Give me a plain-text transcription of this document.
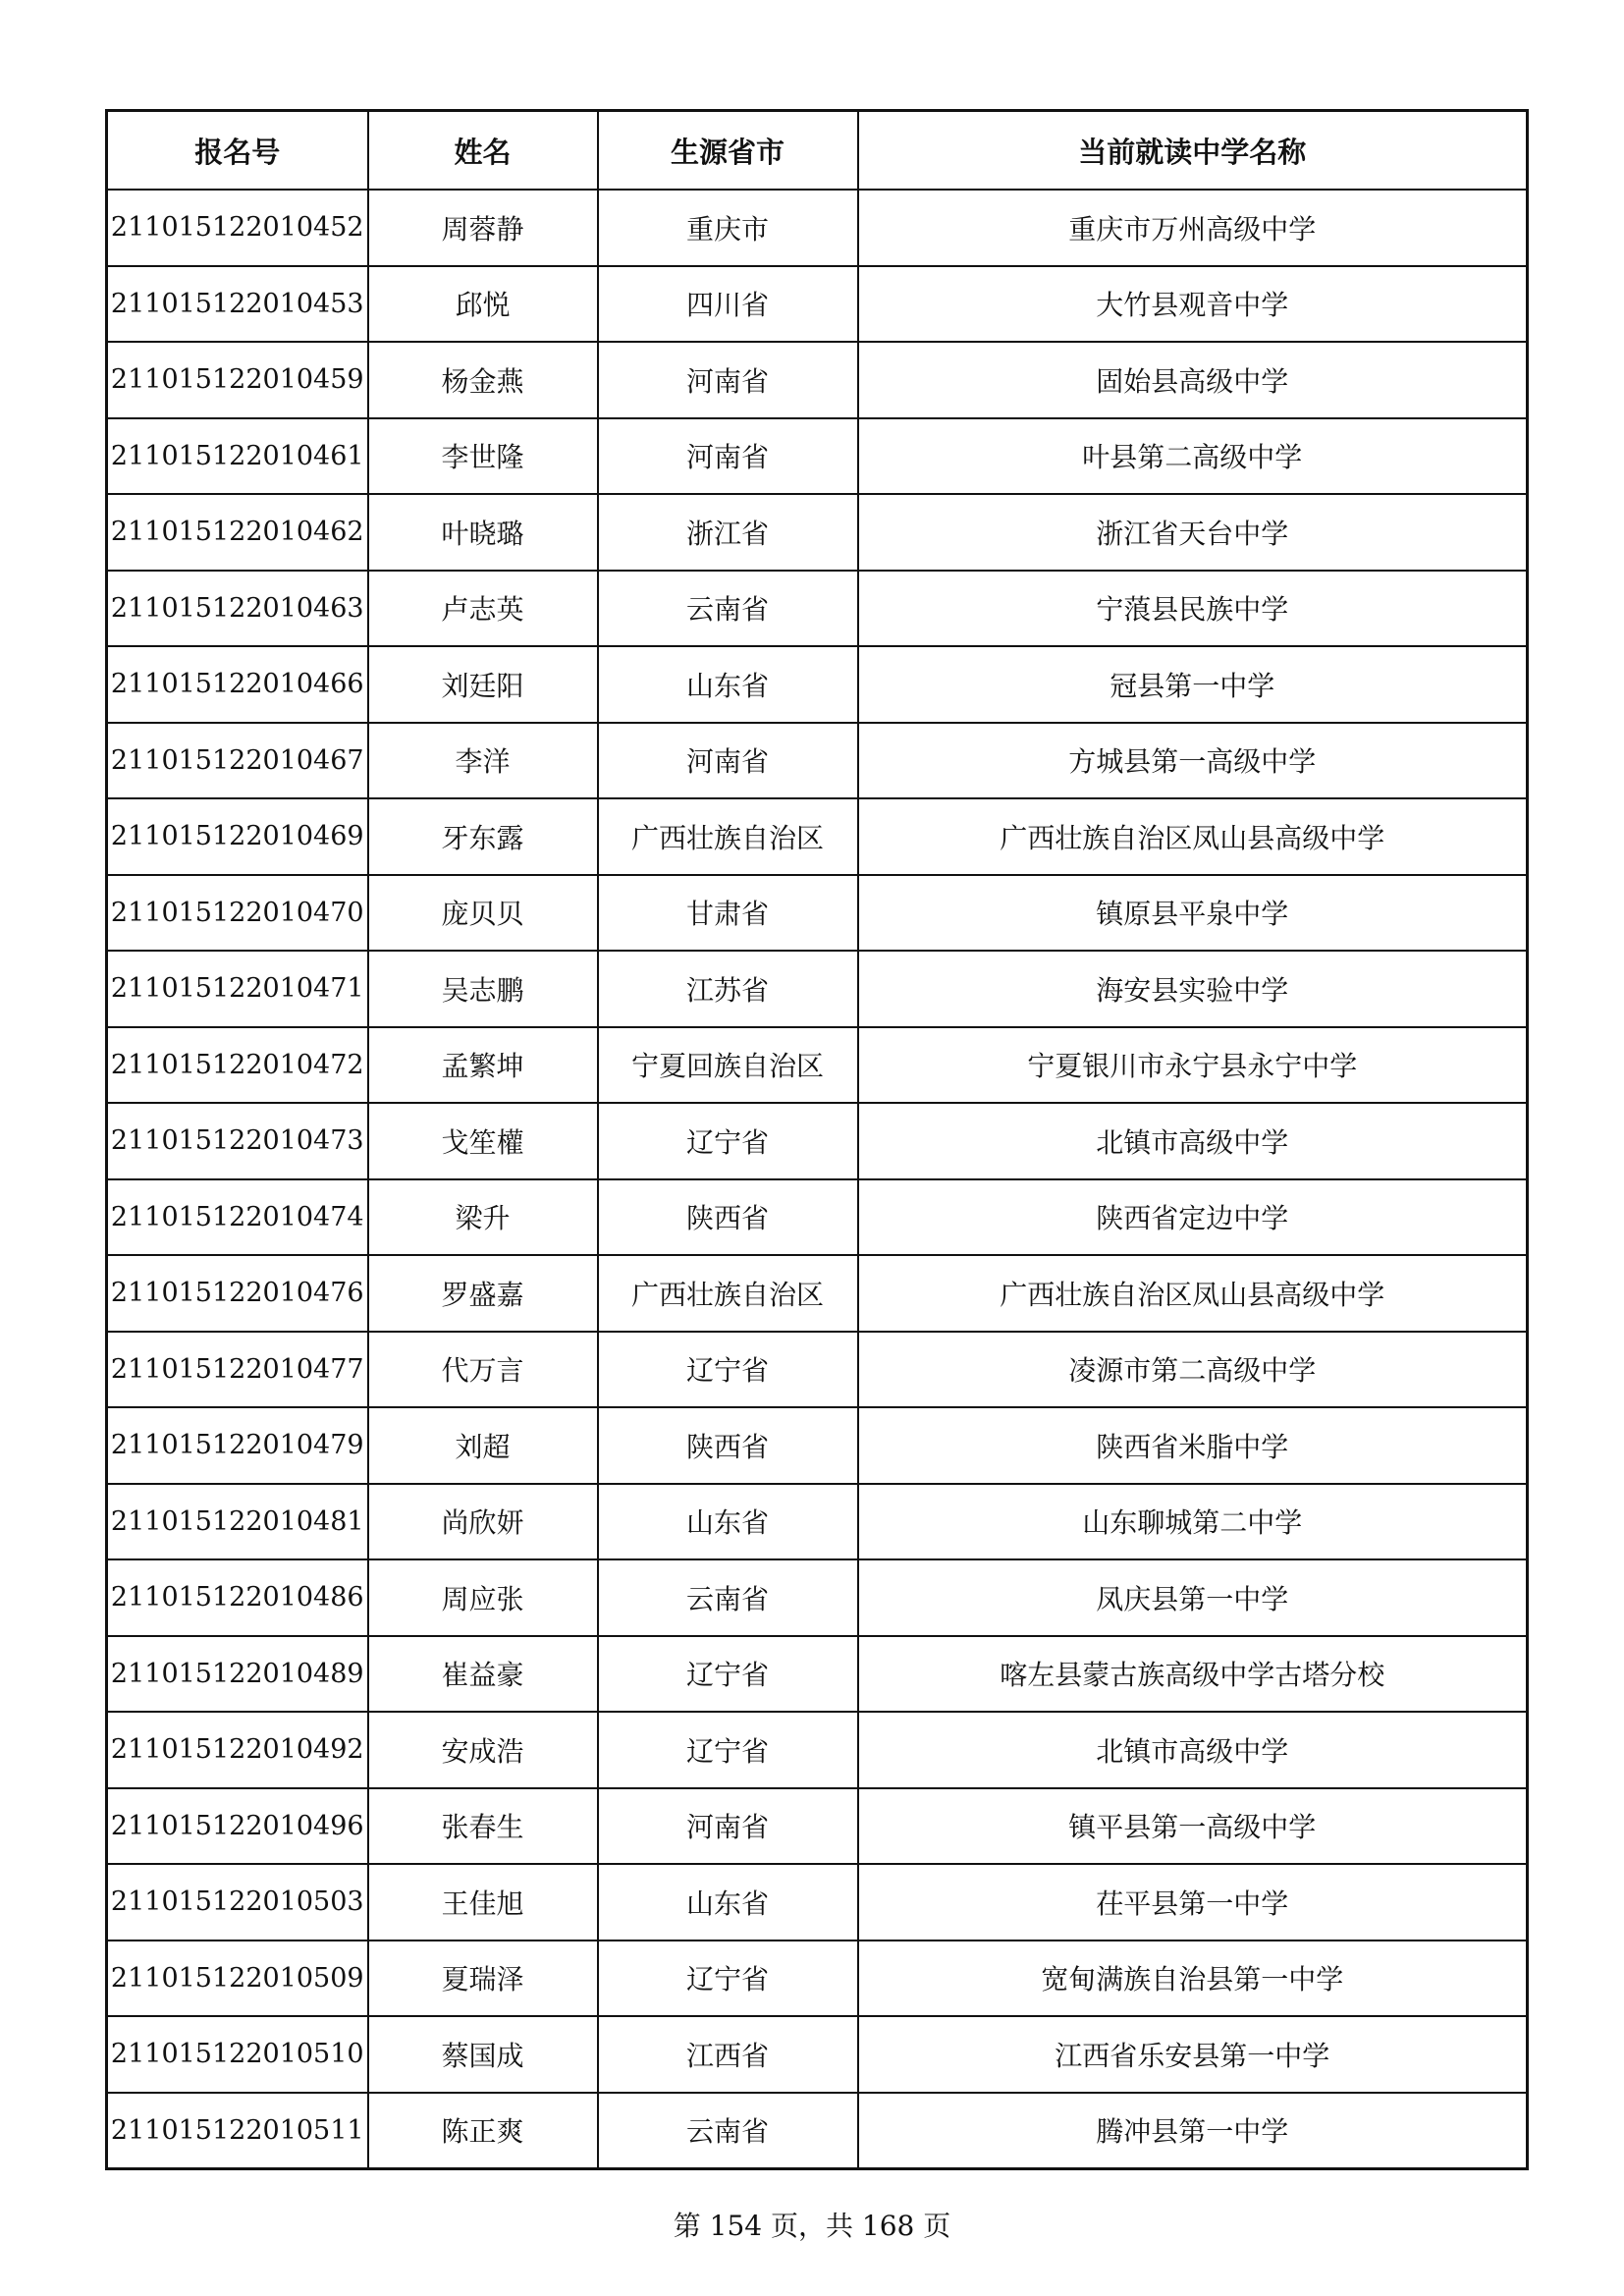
报名号	姓名	生源省市	当前就读中学名称
211015122010452	周蓉静	重庆市	重庆市万州高级中学
211015122010453	邱悦	四川省	大竹县观音中学
211015122010459	杨金燕	河南省	固始县高级中学
211015122010461	李世隆	河南省	叶县第二高级中学
211015122010462	叶晓璐	浙江省	浙江省天台中学
211015122010463	卢志英	云南省	宁蒗县民族中学
211015122010466	刘廷阳	山东省	冠县第一中学
211015122010467	李洋	河南省	方城县第一高级中学
211015122010469	牙东露	广西壮族自治区	广西壮族自治区凤山县高级中学
211015122010470	庞贝贝	甘肃省	镇原县平泉中学
211015122010471	吴志鹏	江苏省	海安县实验中学
211015122010472	孟繁坤	宁夏回族自治区	宁夏银川市永宁县永宁中学
211015122010473	戈笙權	辽宁省	北镇市高级中学
211015122010474	梁升	陕西省	陕西省定边中学
211015122010476	罗盛嘉	广西壮族自治区	广西壮族自治区凤山县高级中学
211015122010477	代万言	辽宁省	凌源市第二高级中学
211015122010479	刘超	陕西省	陕西省米脂中学
211015122010481	尚欣妍	山东省	山东聊城第二中学
211015122010486	周应张	云南省	凤庆县第一中学
211015122010489	崔益豪	辽宁省	喀左县蒙古族高级中学古塔分校
211015122010492	安成浩	辽宁省	北镇市高级中学
211015122010496	张春生	河南省	镇平县第一高级中学
211015122010503	王佳旭	山东省	茌平县第一中学
211015122010509	夏瑞泽	辽宁省	宽甸满族自治县第一中学
211015122010510	蔡国成	江西省	江西省乐安县第一中学
211015122010511	陈正爽	云南省	腾冲县第一中学
第 154 页，共 168 页
